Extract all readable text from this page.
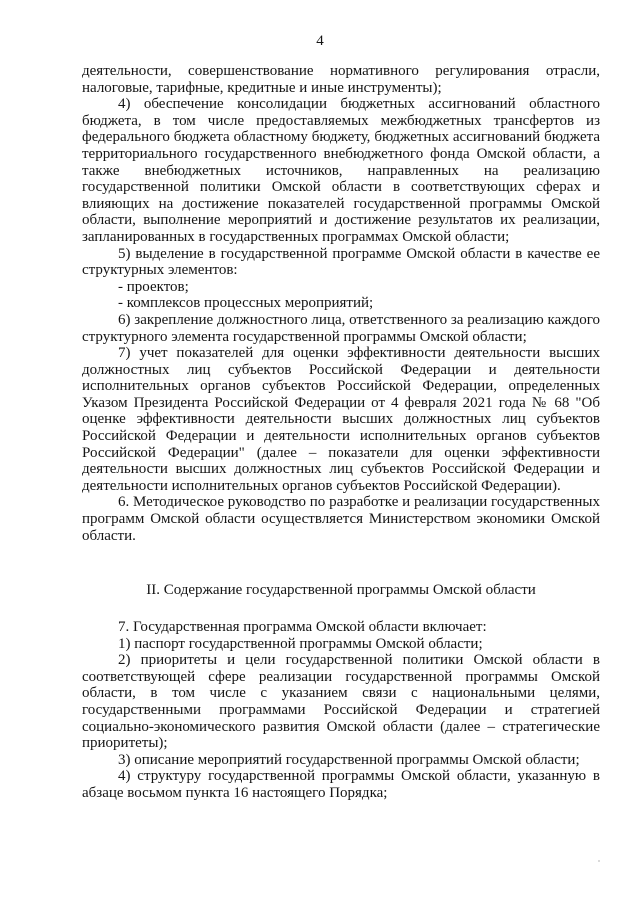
4

деятельности, совершенствование нормативного регулирования отрасли, налоговые, тарифные, кредитные и иные инструменты);

4) обеспечение консолидации бюджетных ассигнований областного бюджета, в том числе предоставляемых межбюджетных трансфертов из федерального бюджета областному бюджету, бюджетных ассигнований бюджета территориального государственного внебюджетного фонда Омской области, а также внебюджетных источников, направленных на реализацию государственной политики Омской области в соответствующих сферах и влияющих на достижение показателей государственной программы Омской области, выполнение мероприятий и достижение результатов их реализации, запланированных в государственных программах Омской области;

5) выделение в государственной программе Омской области в качестве ее структурных элементов:

- проектов;

- комплексов процессных мероприятий;

6) закрепление должностного лица, ответственного за реализацию каждого структурного элемента государственной программы Омской области;

7) учет показателей для оценки эффективности деятельности высших должностных лиц субъектов Российской Федерации и деятельности исполнительных органов субъектов Российской Федерации, определенных Указом Президента Российской Федерации от 4 февраля 2021 года № 68 "Об оценке эффективности деятельности высших должностных лиц субъектов Российской Федерации и деятельности исполнительных органов субъектов Российской Федерации" (далее – показатели для оценки эффективности деятельности высших должностных лиц субъектов Российской Федерации и деятельности исполнительных органов субъектов Российской Федерации).

6. Методическое руководство по разработке и реализации государственных программ Омской области осуществляется Министерством экономики Омской области.

II. Содержание государственной программы Омской области

7. Государственная программа Омской области включает:

1) паспорт государственной программы Омской области;

2) приоритеты и цели государственной политики Омской области в соответствующей сфере реализации государственной программы Омской области, в том числе с указанием связи с национальными целями, государственными программами Российской Федерации и стратегией социально-экономического развития Омской области (далее – стратегические приоритеты);

3) описание мероприятий государственной программы Омской области;

4) структуру государственной программы Омской области, указанную в абзаце восьмом пункта 16 настоящего Порядка;
